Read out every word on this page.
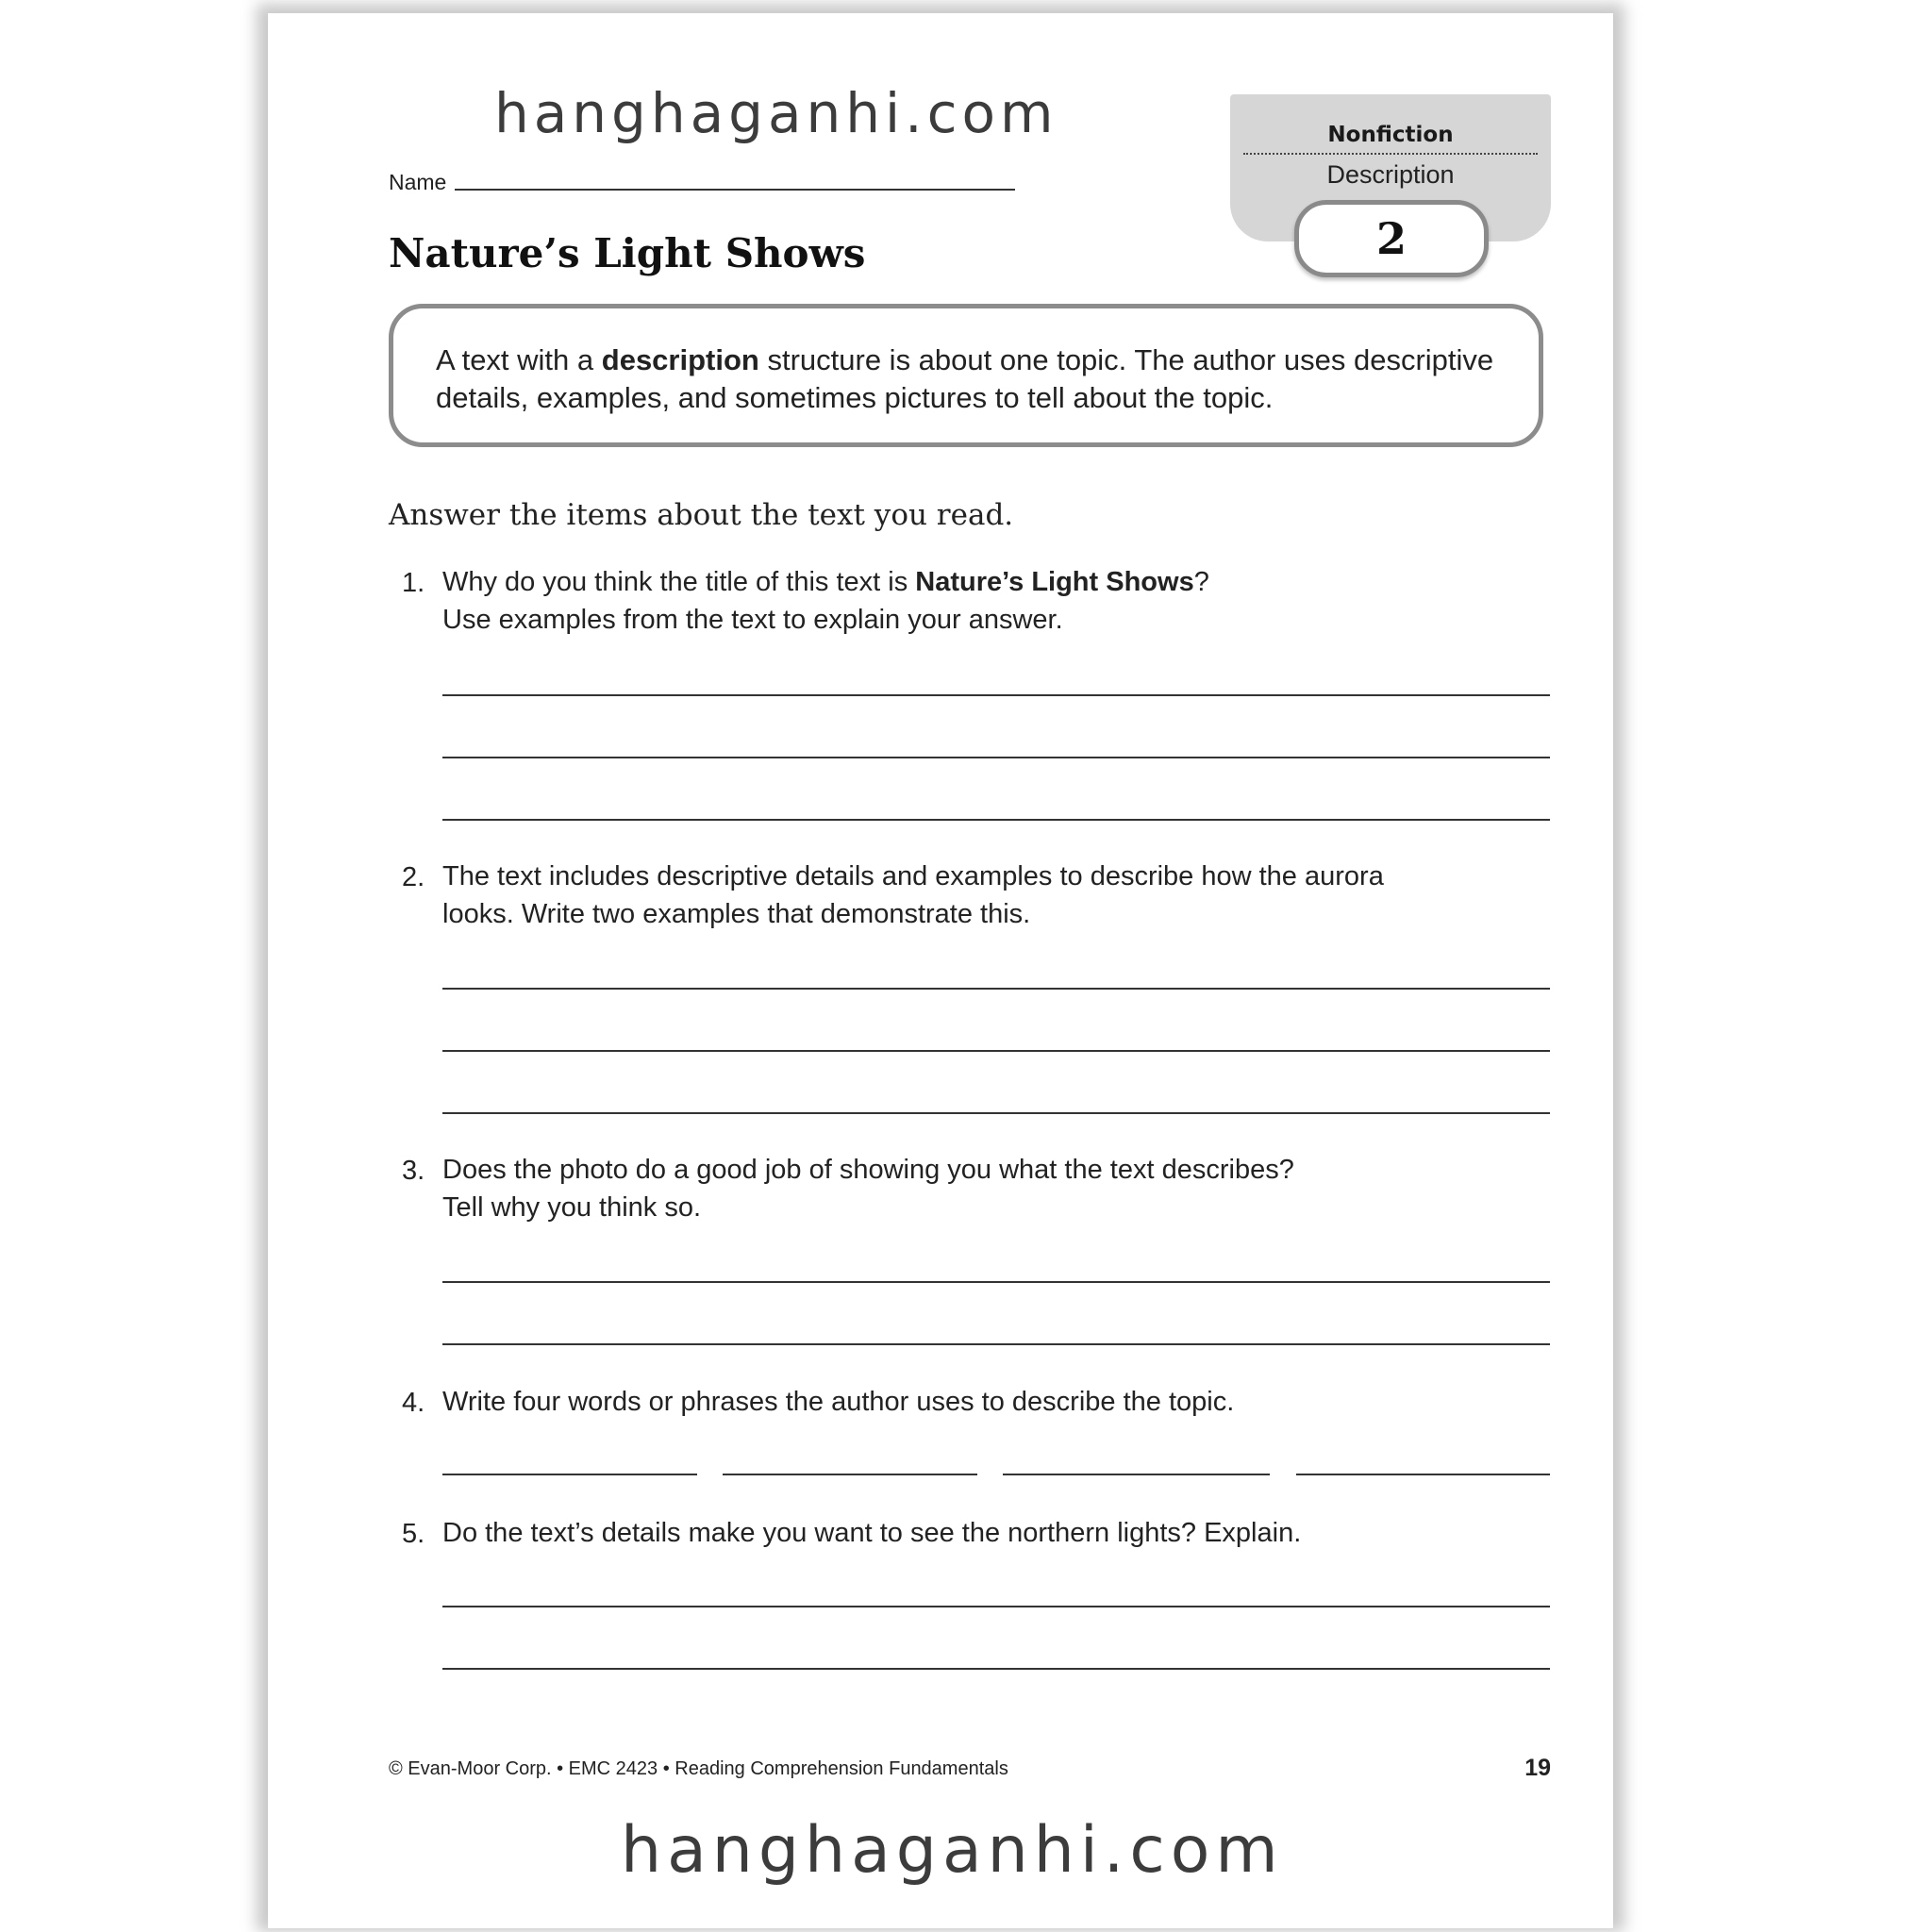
hanghaganhi.com
Name
Nature’s Light Shows
Nonfiction
Description
2
A text with a description structure is about one topic. The author uses descriptive details, examples, and sometimes pictures to tell about the topic.
Answer the items about the text you read.
1. Why do you think the title of this text is Nature’s Light Shows?
Use examples from the text to explain your answer.
2. The text includes descriptive details and examples to describe how the aurora
looks. Write two examples that demonstrate this.
3. Does the photo do a good job of showing you what the text describes?
Tell why you think so.
4. Write four words or phrases the author uses to describe the topic.
5. Do the text’s details make you want to see the northern lights? Explain.
© Evan-Moor Corp. • EMC 2423 • Reading Comprehension Fundamentals	19
hanghaganhi.com
